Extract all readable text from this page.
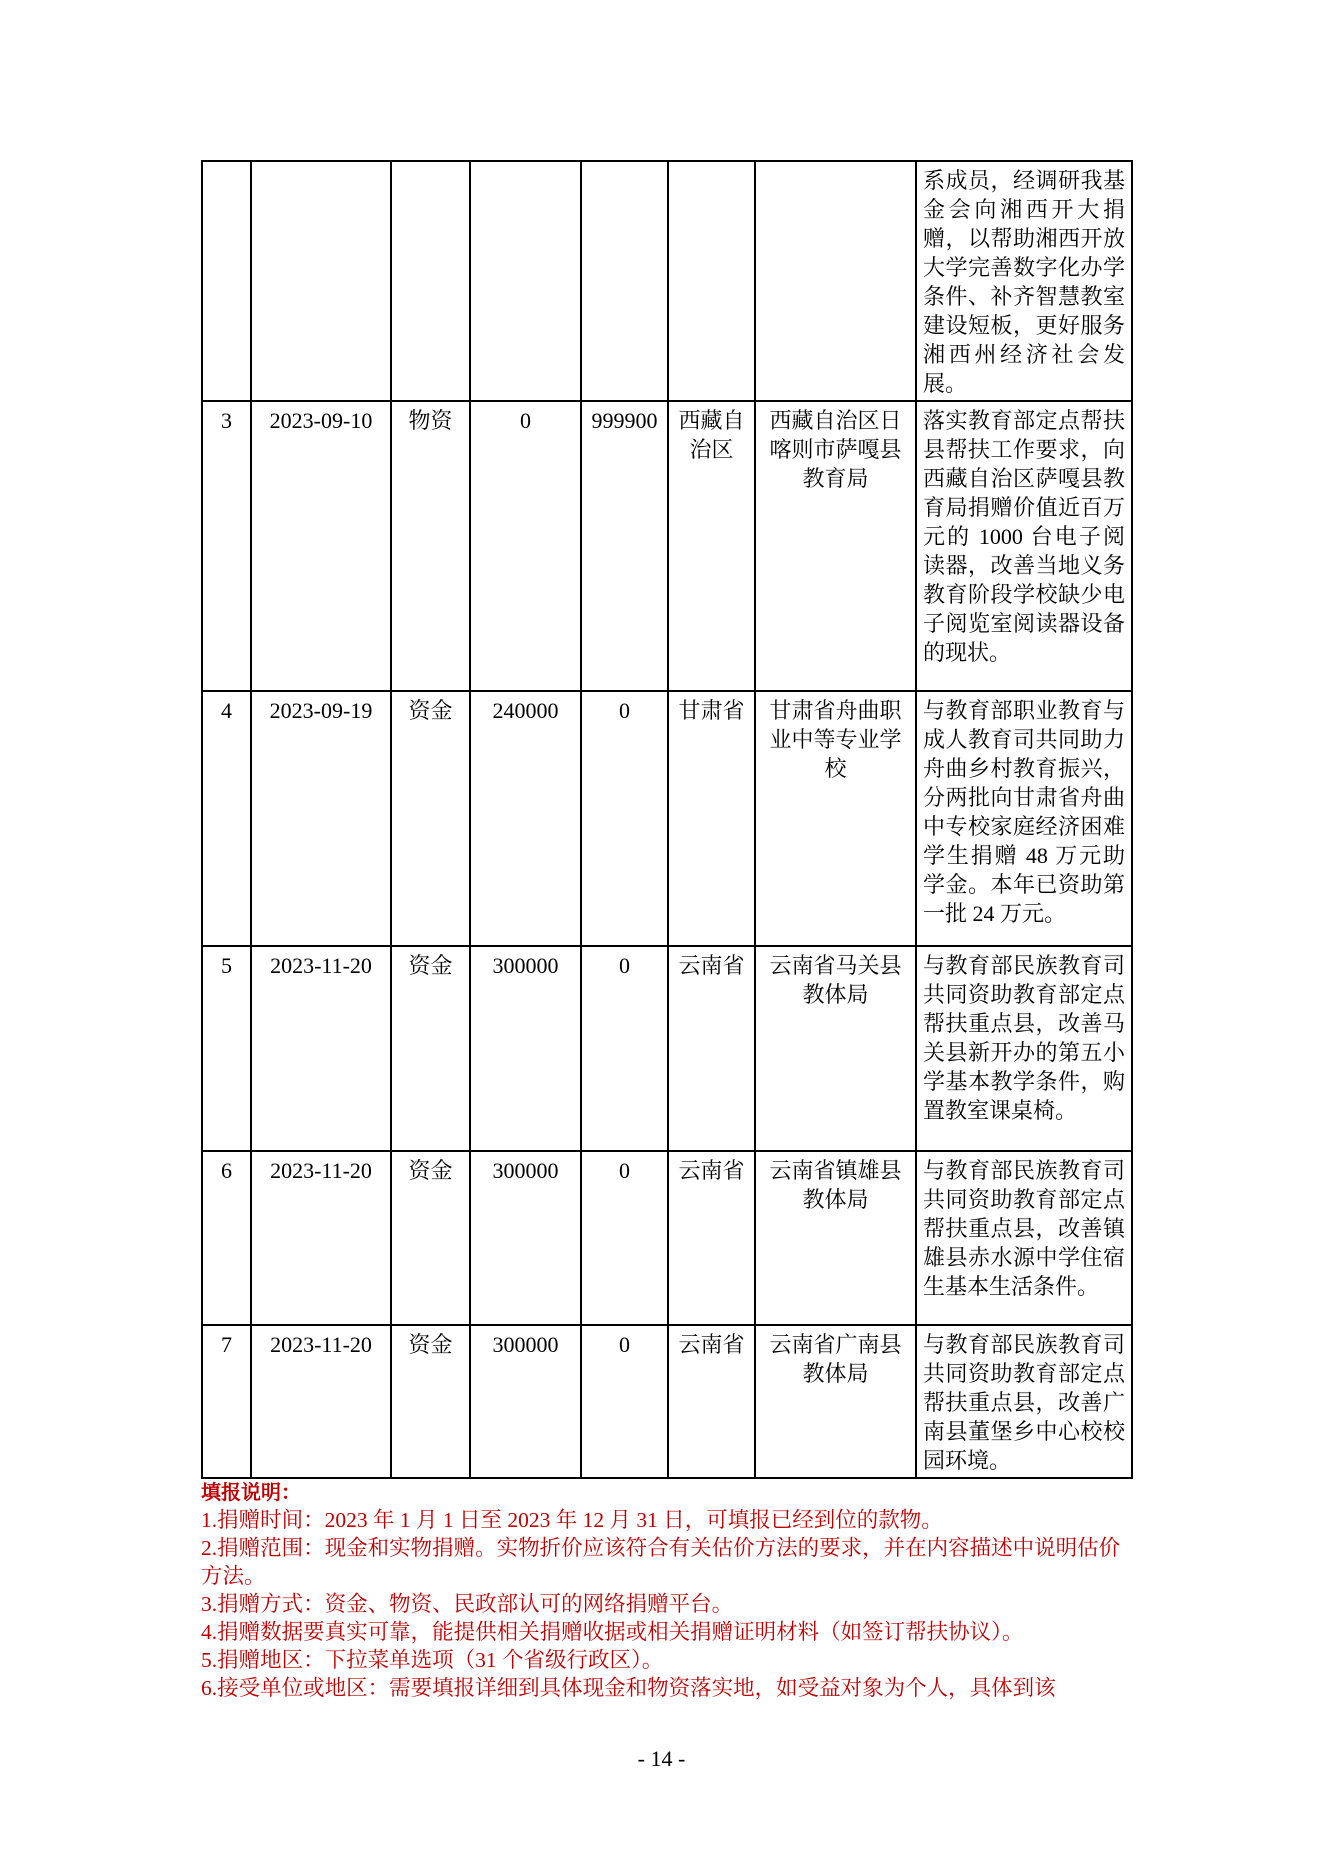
							系成员，经调研我基金会向湘西开大捐赠，以帮助湘西开放大学完善数字化办学条件、补齐智慧教室建设短板，更好服务湘西州经济社会发展。
3	2023-09-10	物资	0	999900	西藏自治区	西藏自治区日喀则市萨嘎县教育局	落实教育部定点帮扶县帮扶工作要求，向西藏自治区萨嘎县教育局捐赠价值近百万元的 1000 台电子阅读器，改善当地义务教育阶段学校缺少电子阅览室阅读器设备的现状。
4	2023-09-19	资金	240000	0	甘肃省	甘肃省舟曲职业中等专业学校	与教育部职业教育与成人教育司共同助力舟曲乡村教育振兴，分两批向甘肃省舟曲中专校家庭经济困难学生捐赠 48 万元助学金。本年已资助第一批 24 万元。
5	2023-11-20	资金	300000	0	云南省	云南省马关县教体局	与教育部民族教育司共同资助教育部定点帮扶重点县，改善马关县新开办的第五小学基本教学条件，购置教室课桌椅。
6	2023-11-20	资金	300000	0	云南省	云南省镇雄县教体局	与教育部民族教育司共同资助教育部定点帮扶重点县，改善镇雄县赤水源中学住宿生基本生活条件。
7	2023-11-20	资金	300000	0	云南省	云南省广南县教体局	与教育部民族教育司共同资助教育部定点帮扶重点县，改善广南县董堡乡中心校校园环境。

填报说明：

1.捐赠时间：2023 年 1 月 1 日至 2023 年 12 月 31 日，可填报已经到位的款物。

2.捐赠范围：现金和实物捐赠。实物折价应该符合有关估价方法的要求，并在内容描述中说明估价方法。

3.捐赠方式：资金、物资、民政部认可的网络捐赠平台。

4.捐赠数据要真实可靠，能提供相关捐赠收据或相关捐赠证明材料（如签订帮扶协议）。

5.捐赠地区：下拉菜单选项（31 个省级行政区）。

6.接受单位或地区：需要填报详细到具体现金和物资落实地，如受益对象为个人，具体到该

- 14 -
